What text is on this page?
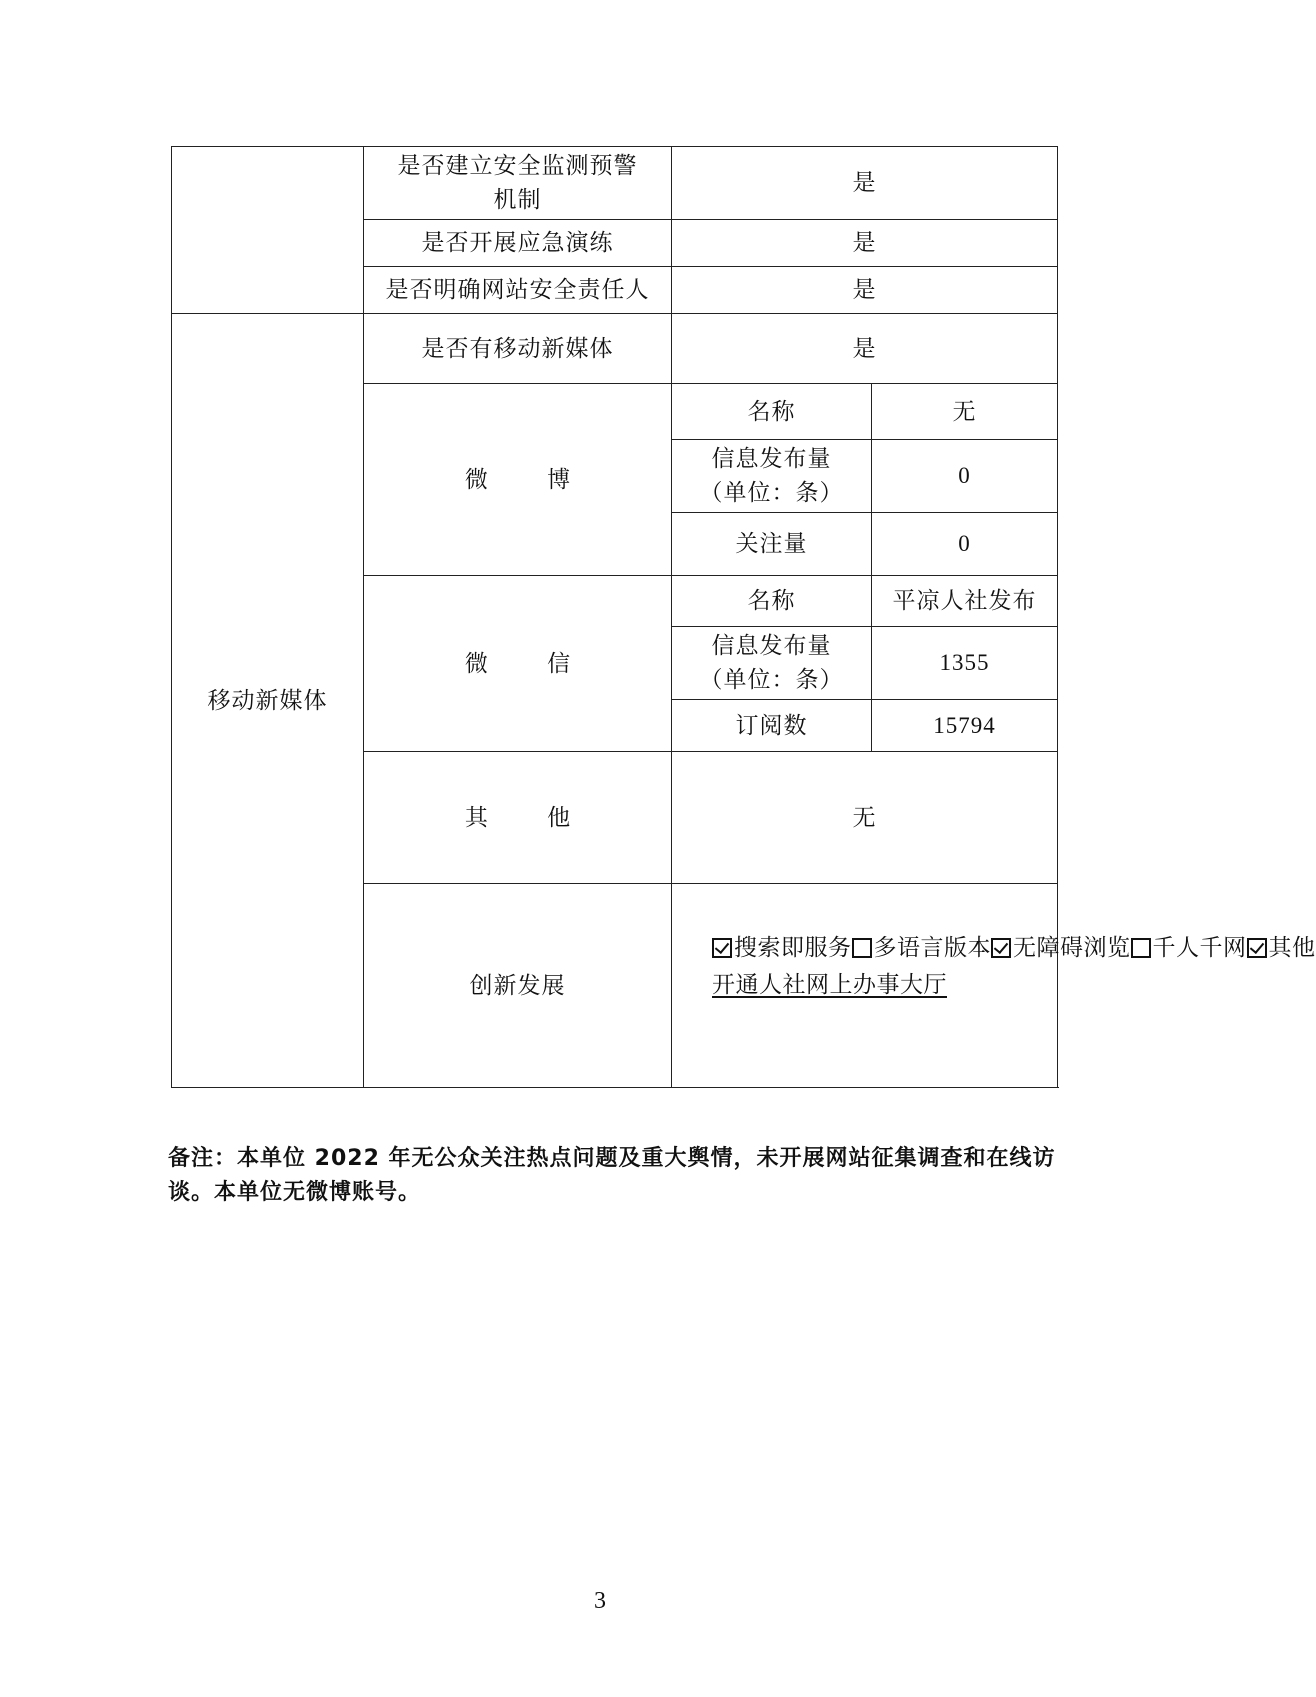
	是否建立安全监测预警机制	是	
	是否开展应急演练	是	
	是否明确网站安全责任人	是	
移动新媒体	是否有移动新媒体	是	
	微 博	名称	无
		信息发布量（单位：条）	0
		关注量	0
	微 信	名称	平凉人社发布
		信息发布量（单位：条）	1355
		订阅数	15794
	其 他	无	
	创新发展	搜索即服务 多语言版本 无障碍浏览 千人千网 其他
开通人社网上办事大厅	

备注：本单位 2022 年无公众关注热点问题及重大舆情，未开展网站征集调查和在线访谈。本单位无微博账号。
3
